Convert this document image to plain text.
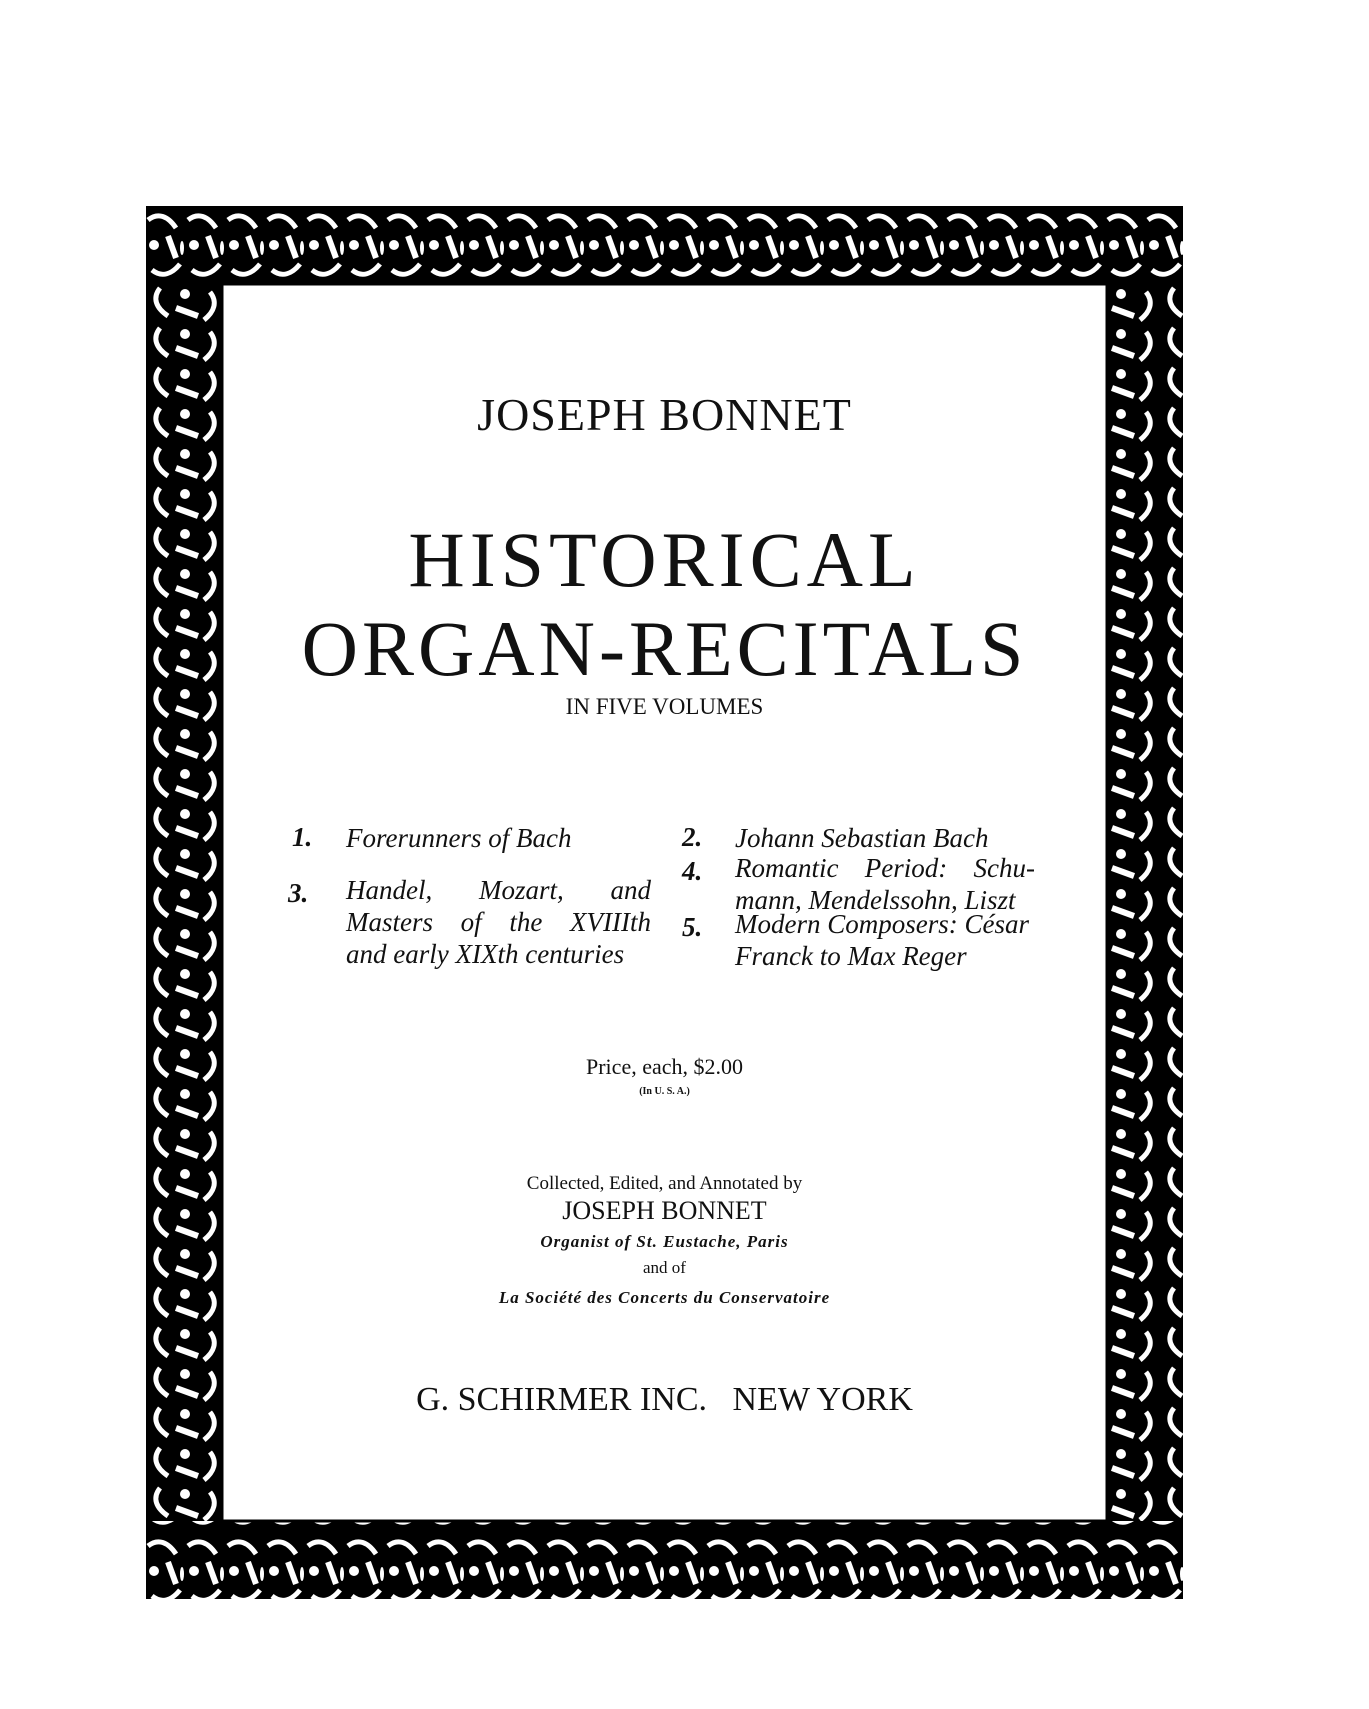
JOSEPH BONNET
HISTORICAL
ORGAN-RECITALS
IN FIVE VOLUMES
1. Forerunners of Bach	2. Johann Sebastian Bach
3. Handel, Mozart, and
Masters of the XVIIIth
and early XIXth centuries
4. Romantic Period: Schu-
mann, Mendelssohn, Liszt
5. Modern Composers: César
Franck to Max Reger
Price, each, $2.00
(In U. S. A.)
Collected, Edited, and Annotated by
JOSEPH BONNET
Organist of St. Eustache, Paris
and of
La Société des Concerts du Conservatoire
G. SCHIRMER INC.   NEW YORK
